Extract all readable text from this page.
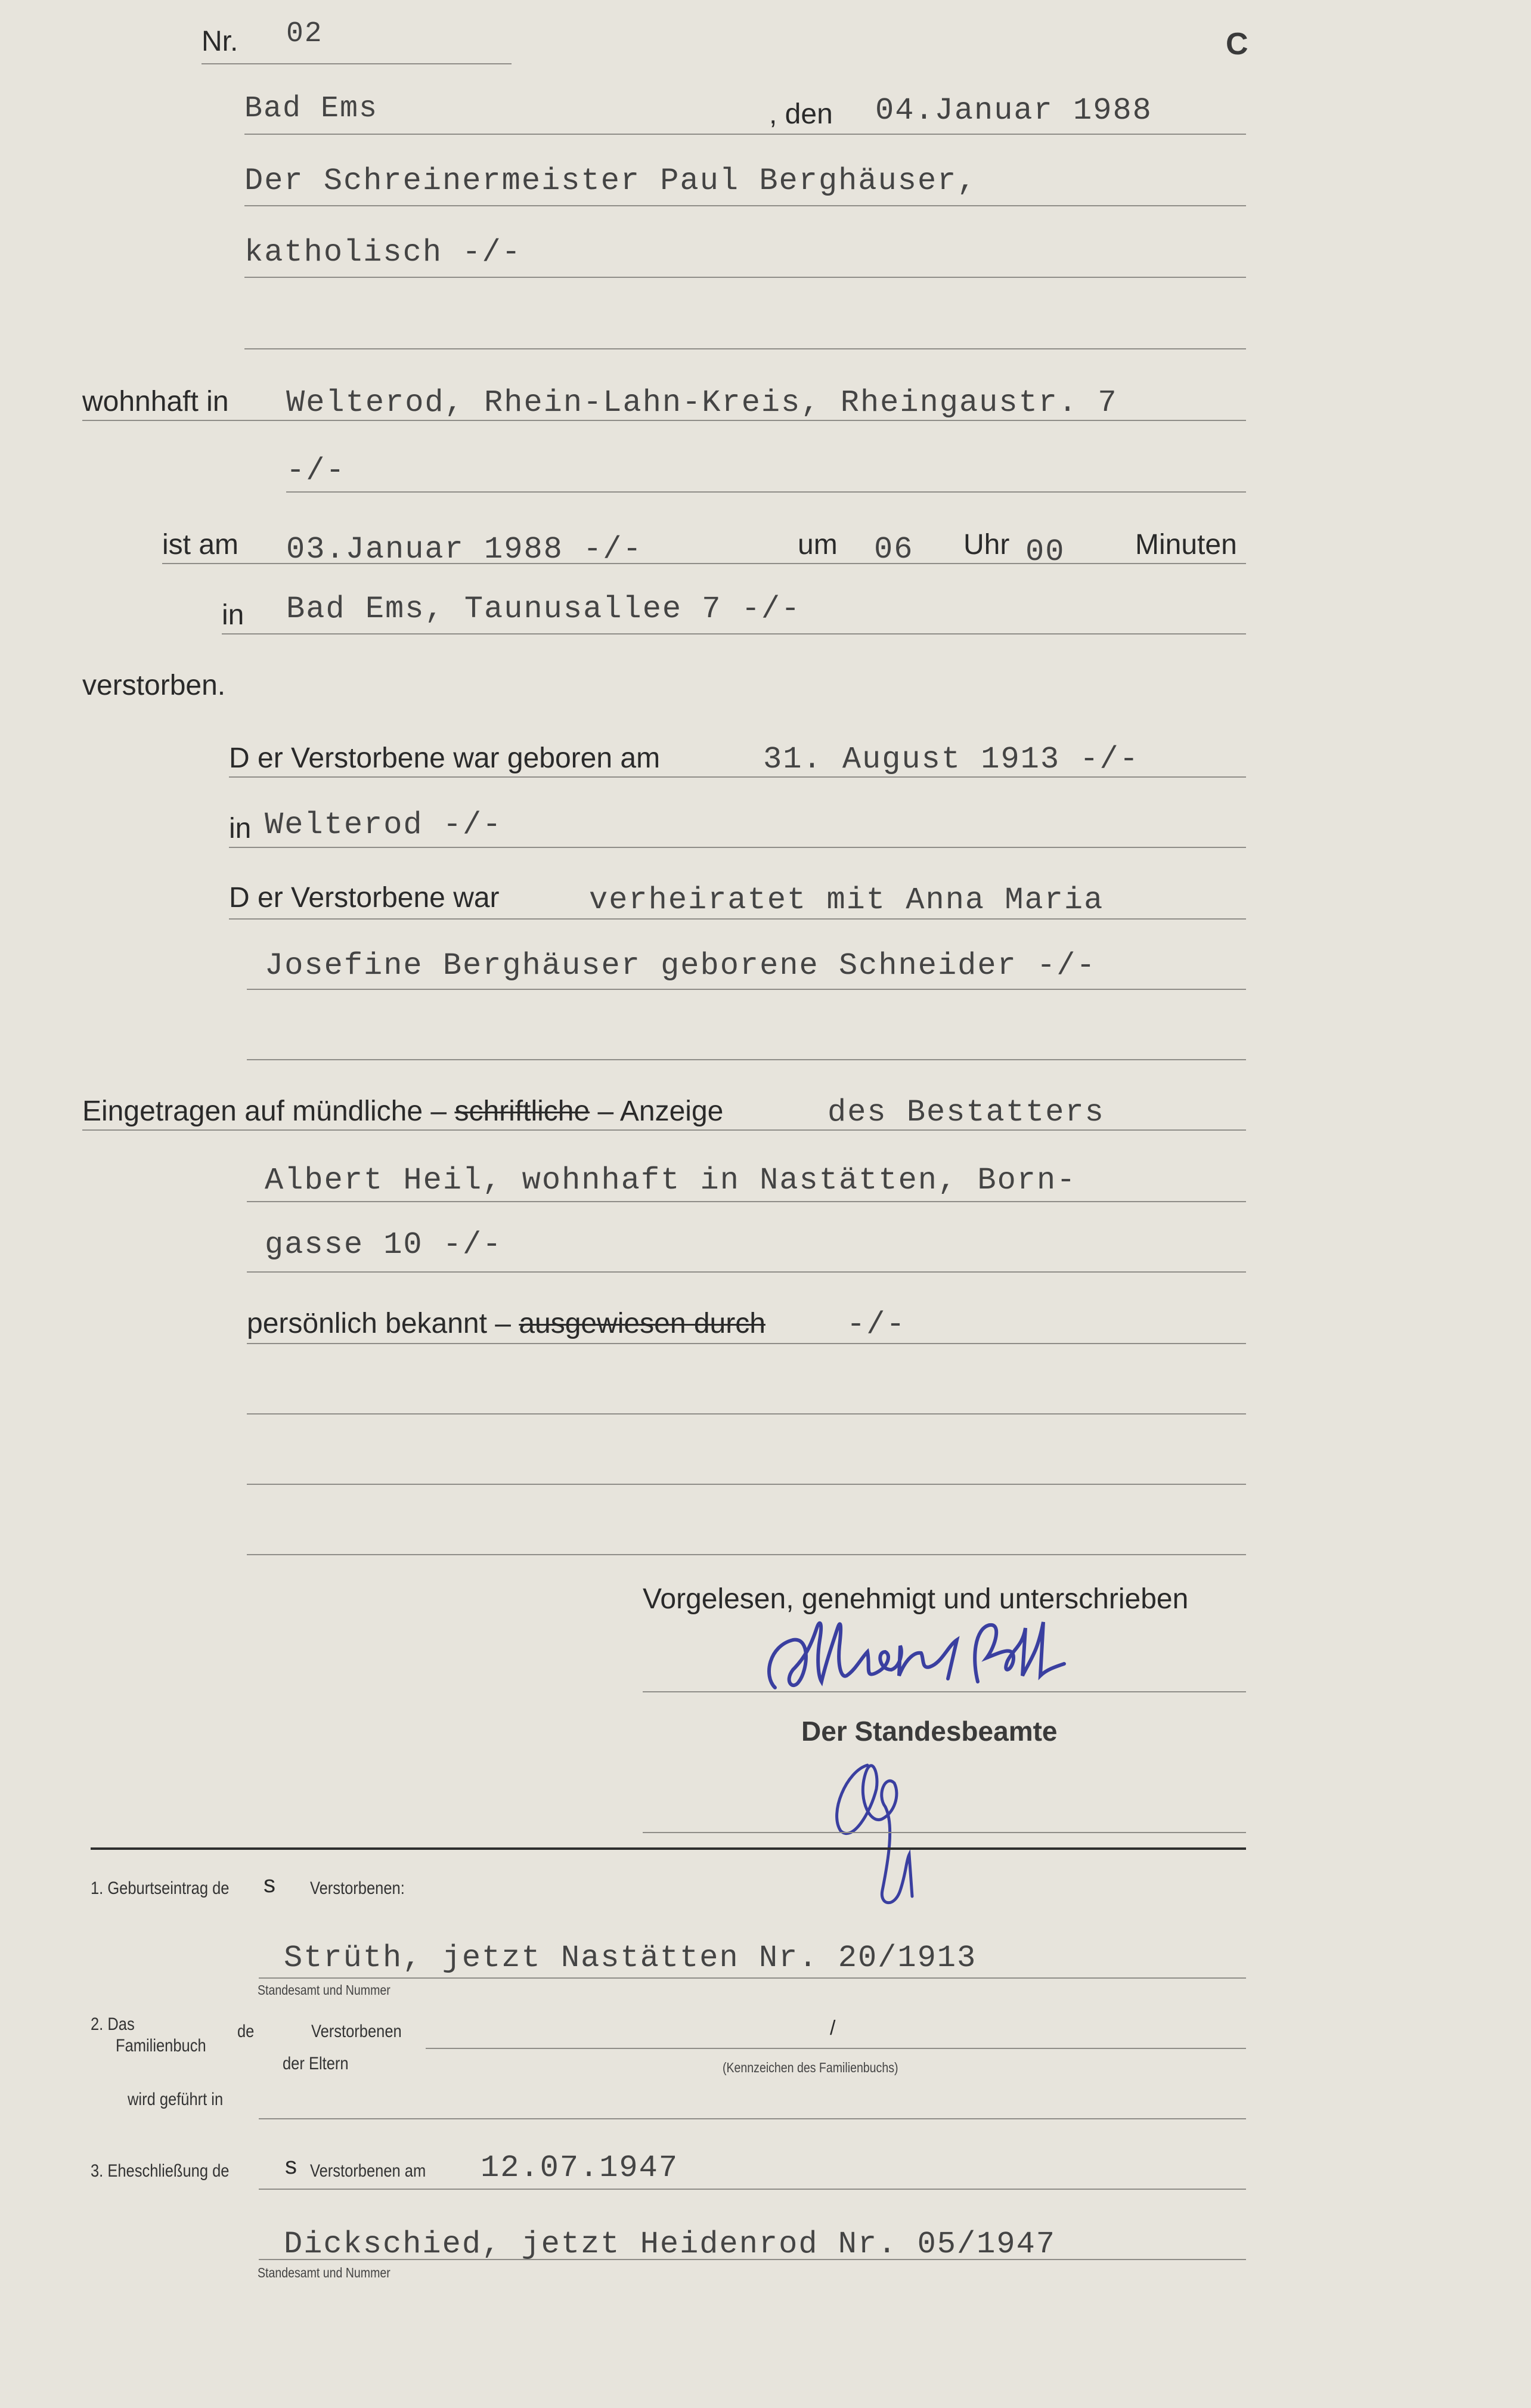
Nr. 02	C
Bad Ems	, den 04.Januar 1988
Der Schreinermeister Paul Berghäuser,
katholisch -/-
wohnhaft in Welterod, Rhein-Lahn-Kreis, Rheingaustr. 7
-/-
ist am 03.Januar 1988 -/-	um 06 Uhr 00 Minuten
in Bad Ems, Taunusallee 7 -/-
verstorben.
D er Verstorbene war geboren am	31. August 1913 -/-
in Welterod -/-
D er Verstorbene war	verheiratet mit Anna Maria
Josefine Berghäuser geborene Schneider -/-
Eingetragen auf mündliche – schriftliche – Anzeige	des Bestatters
Albert Heil, wohnhaft in Nastätten, Born-
gasse 10 -/-
persönlich bekannt – ausgewiesen durch	-/-
Vorgelesen, genehmigt und unterschrieben
Der Standesbeamte
1. Geburtseintrag de s Verstorbenen:
Strüth, jetzt Nastätten Nr. 20/1913
Standesamt und Nummer
2. Das
Familienbuch
de	Verstorbenen	/
der Eltern	(Kennzeichen des Familienbuchs)
wird geführt in
3. Eheschließung de s Verstorbenen am 12.07.1947
Dickschied, jetzt Heidenrod Nr. 05/1947
Standesamt und Nummer
